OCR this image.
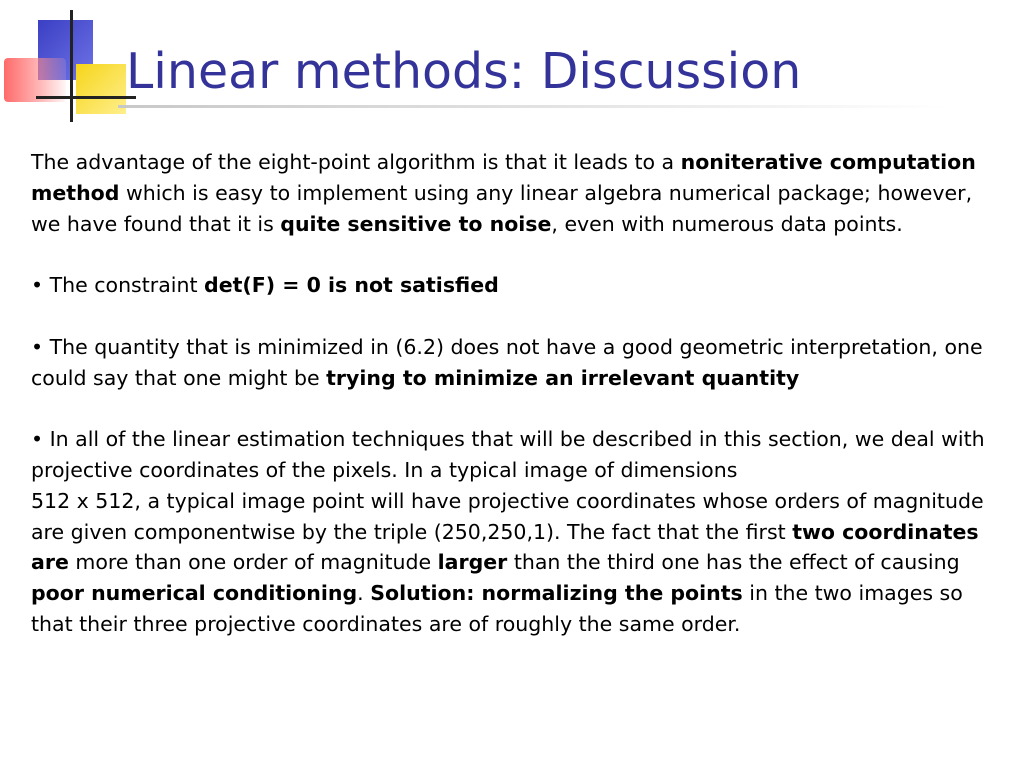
Linear methods: Discussion

The advantage of the eight-point algorithm is that it leads to a noniterative computation method which is easy to implement using any linear algebra numerical package; however, we have found that it is quite sensitive to noise, even with numerous data points.

• The constraint det(F) = 0 is not satisfied

• The quantity that is minimized in (6.2) does not have a good geometric interpretation, one could say that one might be trying to minimize an irrelevant quantity

• In all of the linear estimation techniques that will be described in this section, we deal with projective coordinates of the pixels. In a typical image of dimensions
512 x 512, a typical image point will have projective coordinates whose orders of magnitude are given componentwise by the triple (250,250,1). The fact that the first two coordinates are more than one order of magnitude larger than the third one has the effect of causing poor numerical conditioning. Solution: normalizing the points in the two images so that their three projective coordinates are of roughly the same order.
